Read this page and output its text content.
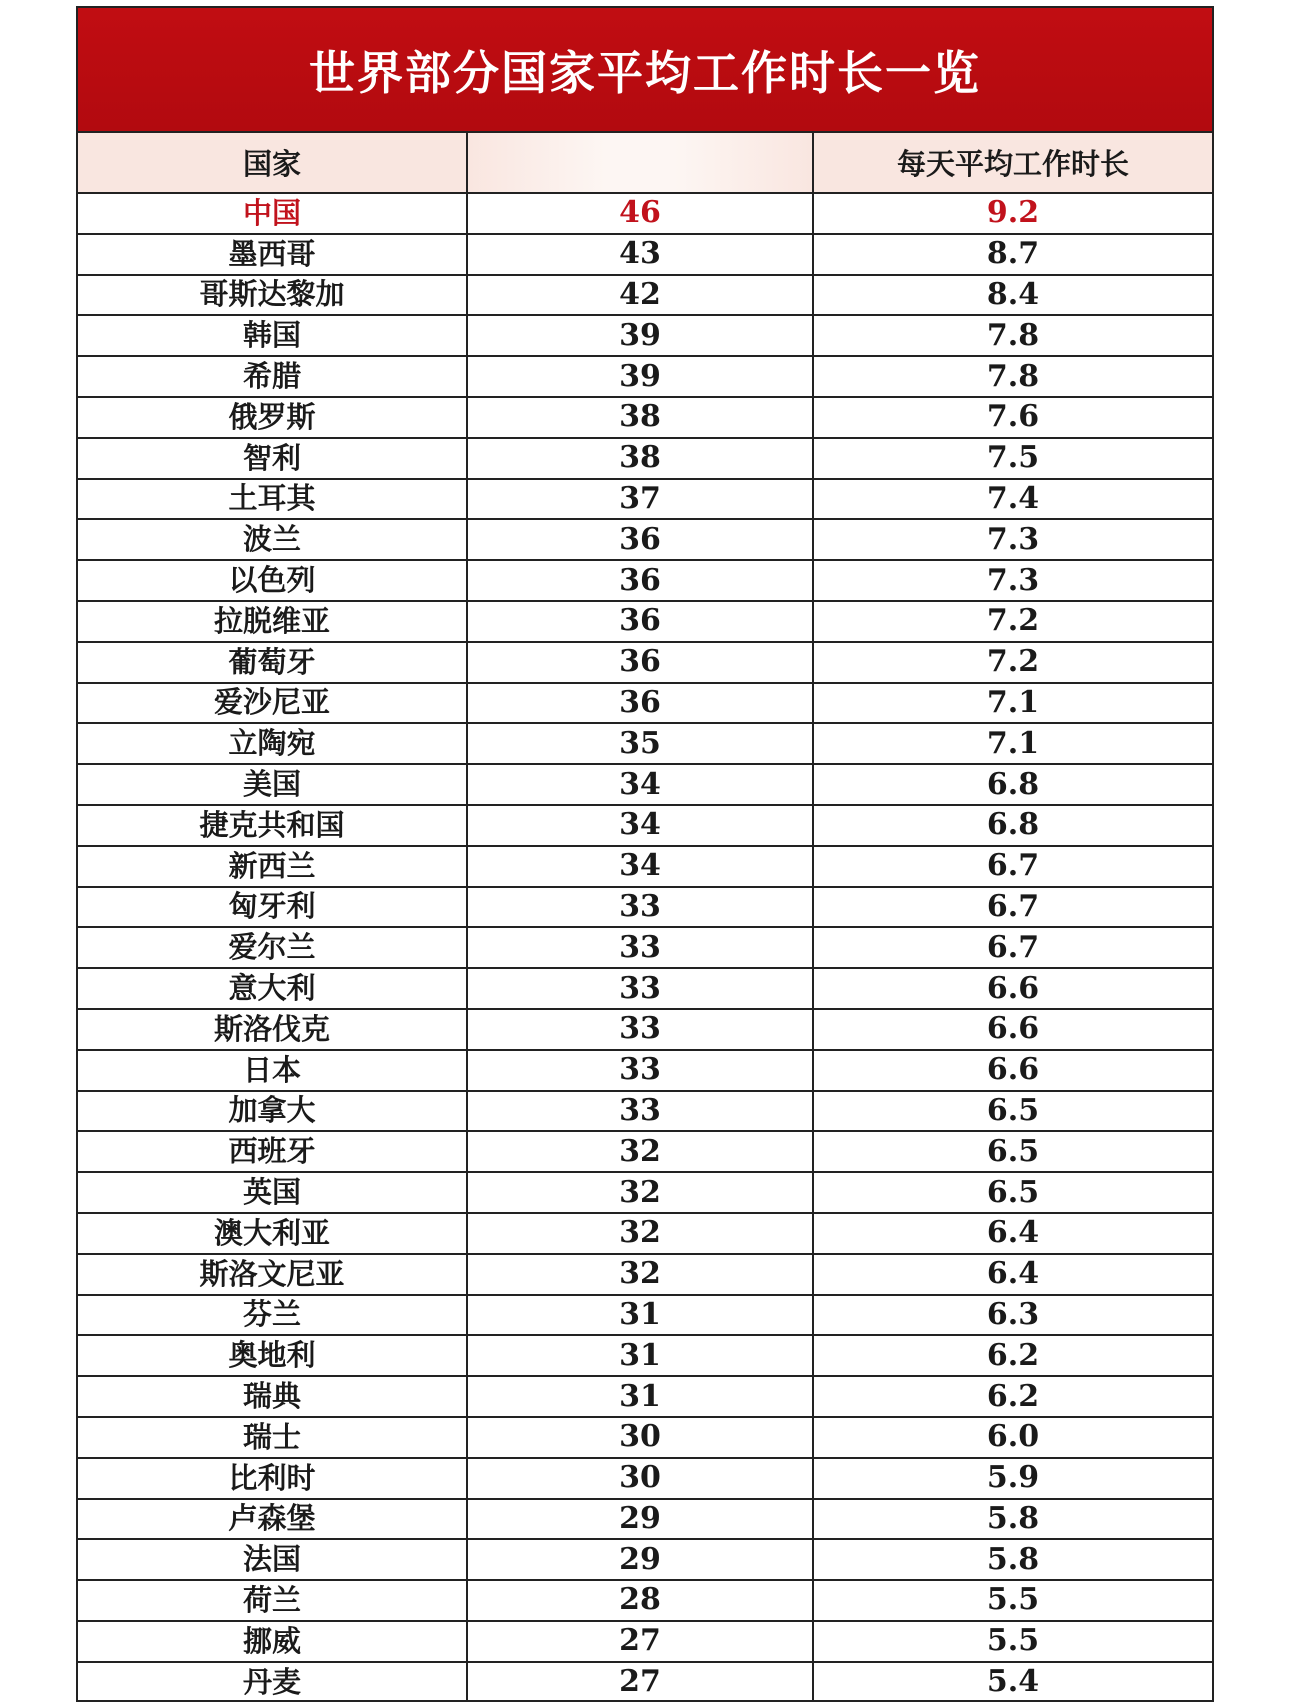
世界部分国家平均工作时长一览
国家		每天平均工作时长
中国	46	9.2
墨西哥	43	8.7
哥斯达黎加	42	8.4
韩国	39	7.8
希腊	39	7.8
俄罗斯	38	7.6
智利	38	7.5
土耳其	37	7.4
波兰	36	7.3
以色列	36	7.3
拉脱维亚	36	7.2
葡萄牙	36	7.2
爱沙尼亚	36	7.1
立陶宛	35	7.1
美国	34	6.8
捷克共和国	34	6.8
新西兰	34	6.7
匈牙利	33	6.7
爱尔兰	33	6.7
意大利	33	6.6
斯洛伐克	33	6.6
日本	33	6.6
加拿大	33	6.5
西班牙	32	6.5
英国	32	6.5
澳大利亚	32	6.4
斯洛文尼亚	32	6.4
芬兰	31	6.3
奥地利	31	6.2
瑞典	31	6.2
瑞士	30	6.0
比利时	30	5.9
卢森堡	29	5.8
法国	29	5.8
荷兰	28	5.5
挪威	27	5.5
丹麦	27	5.4
